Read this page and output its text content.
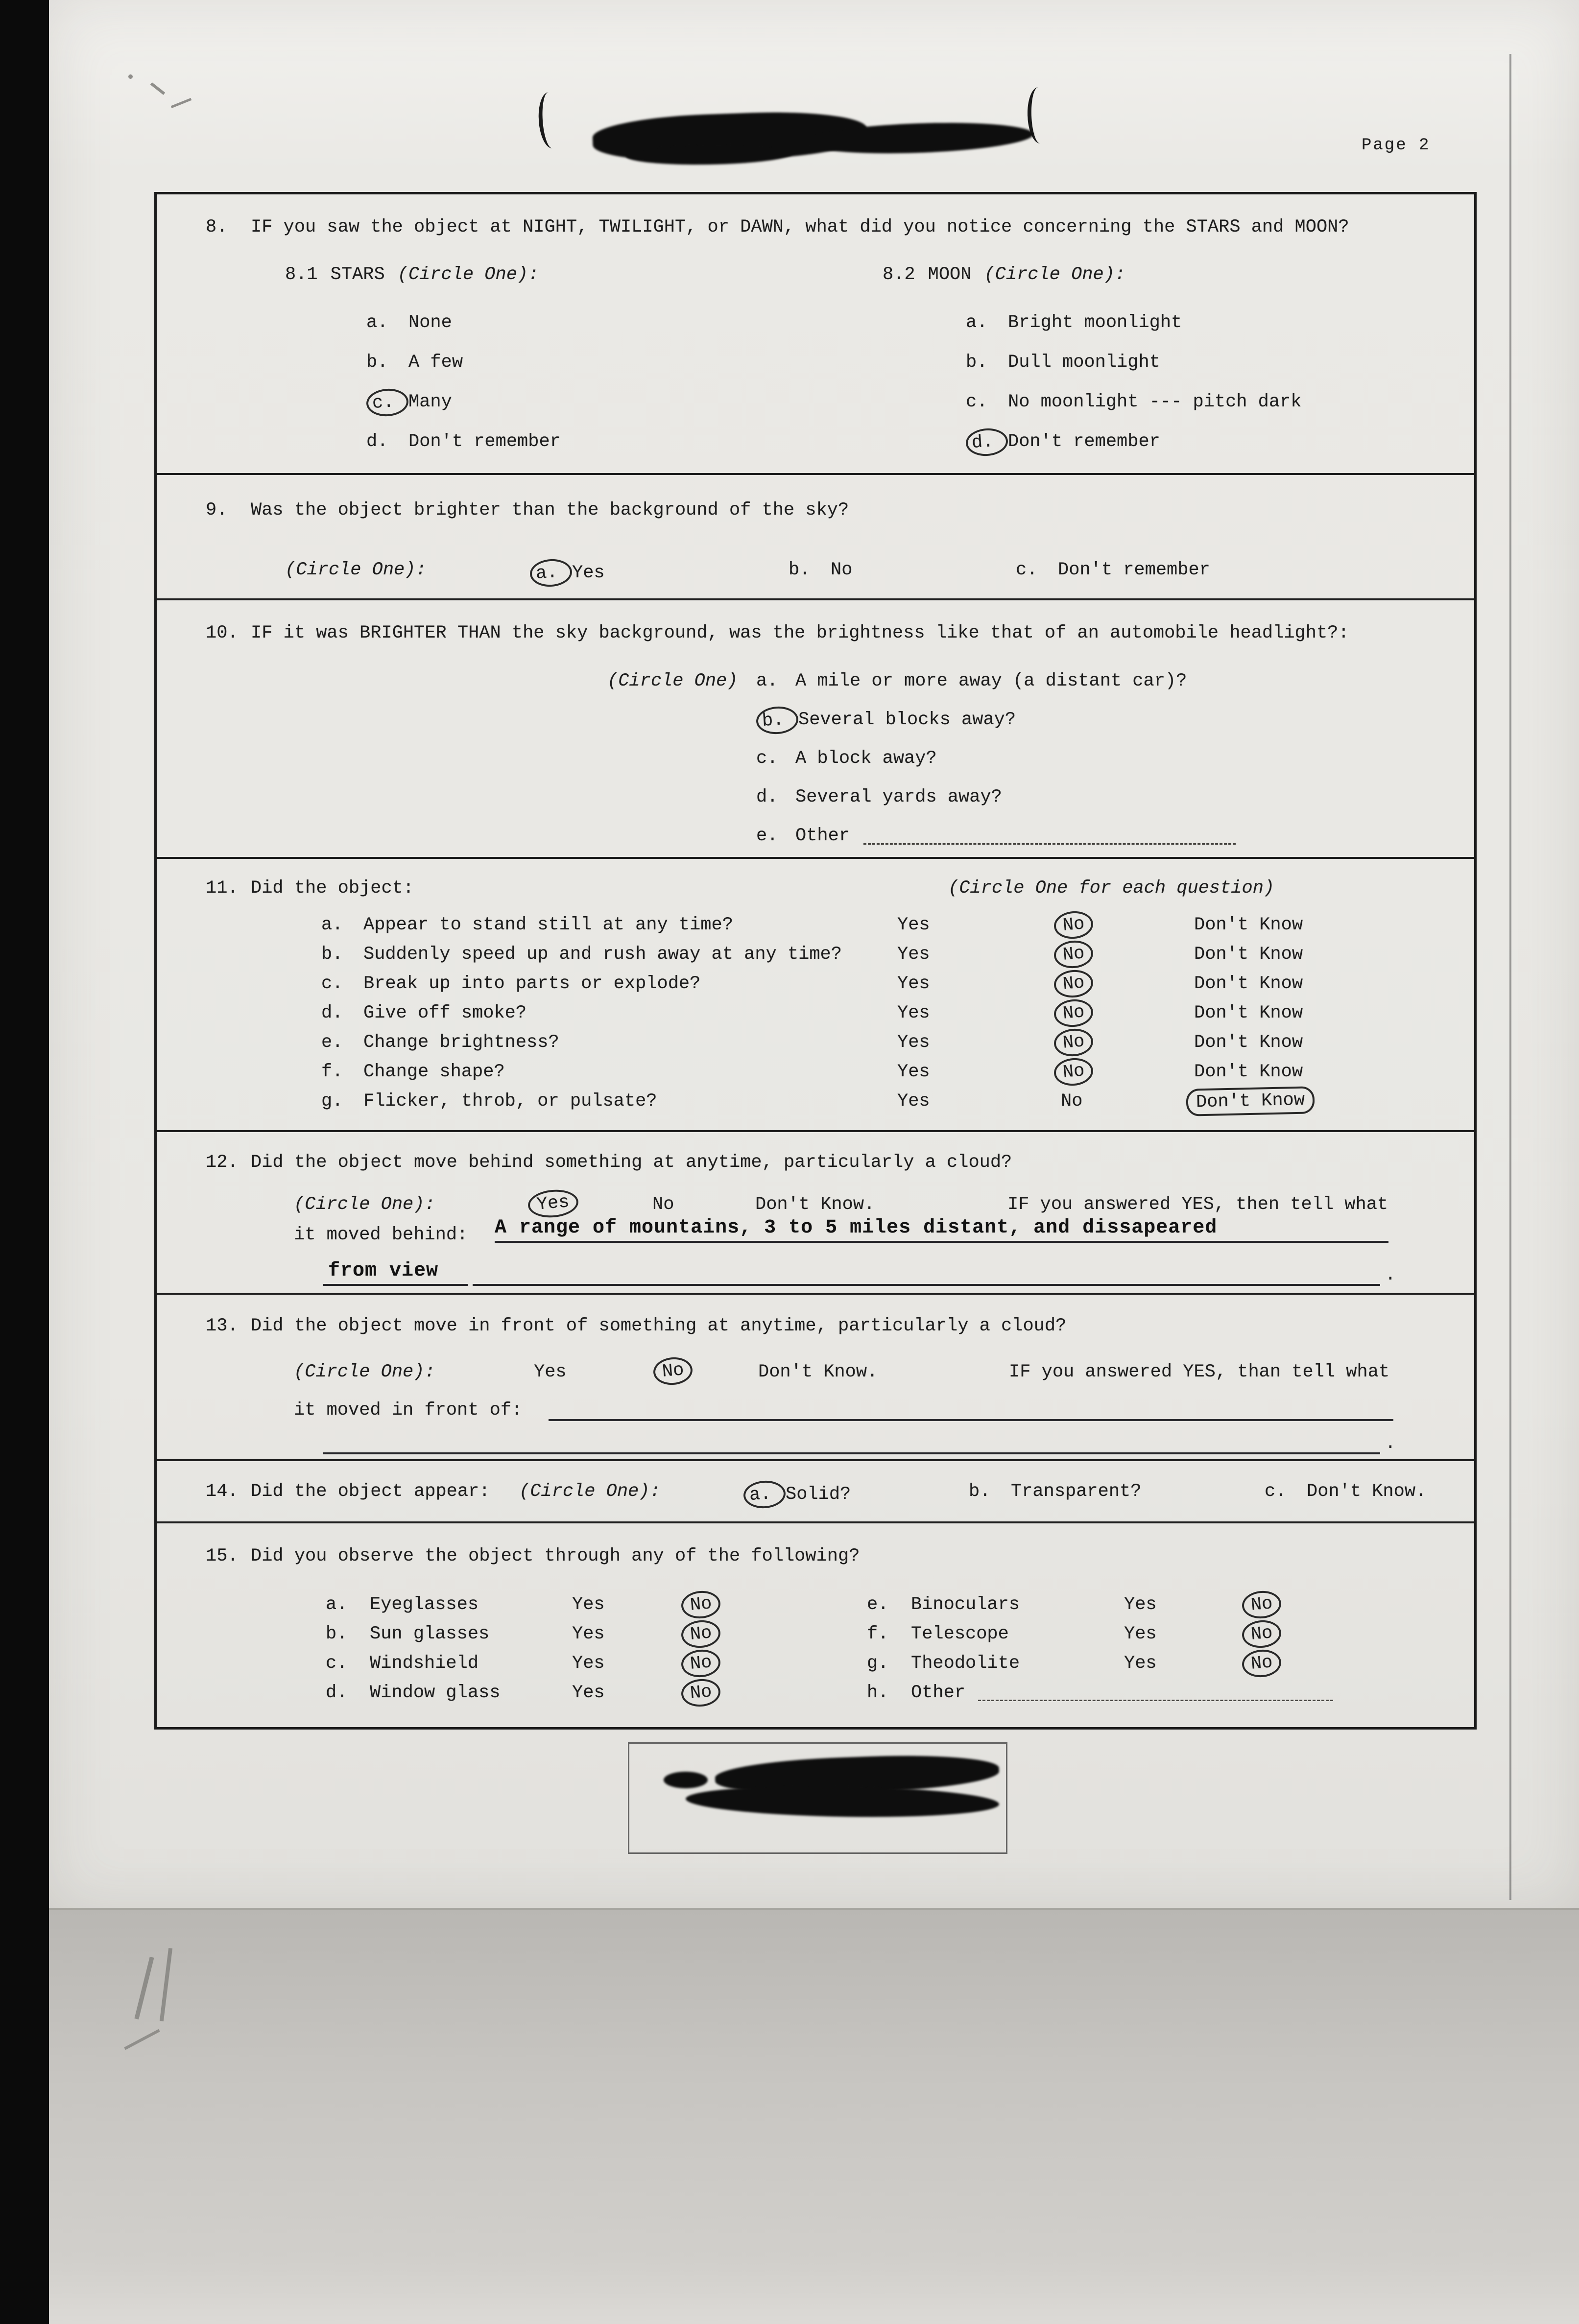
Page 2
8.	IF you saw the object at NIGHT, TWILIGHT, or DAWN, what did you notice concerning the STARS and MOON?
8.1 STARS (Circle One):	8.2 MOON (Circle One):
a.	None
b.	A few
c. Many
d.	Don't remember
a.	Bright moonlight
b.	Dull moonlight
c.	No moonlight --- pitch dark
d. Don't remember
9.	Was the object brighter than the background of the sky?
(Circle One):	a. Yes	b.	No	c.	Don't remember
10. IF it was BRIGHTER THAN the sky background, was the brightness like that of an automobile headlight?:
(Circle One)	a. A mile or more away (a distant car)?
b. Several blocks away?
c. A block away?
d. Several yards away?
e. Other
11. Did the object:	(Circle One for each question)
a.	Appear to stand still at any time?	Yes	No	Don't Know
b.	Suddenly speed up and rush away at any time?	Yes	No	Don't Know
c.	Break up into parts or explode?	Yes	No	Don't Know
d.	Give off smoke?	Yes	No	Don't Know
e.	Change brightness?	Yes	No	Don't Know
f.	Change shape?	Yes	No	Don't Know
g.	Flicker, throb, or pulsate?	Yes	No	Don't Know
12. Did the object move behind something at anytime, particularly a cloud?
(Circle One):	Yes	No	Don't Know.	IF you answered YES, then tell what
it moved behind: A range of mountains, 3 to 5 miles distant, and dissapeared
from view	.
13. Did the object move in front of something at anytime, particularly a cloud?
(Circle One):	Yes	No	Don't Know.	IF you answered YES, than tell what
it moved in front of:
.
14. Did the object appear: (Circle One):	a. Solid?	b.	Transparent?	c.	Don't Know.
15. Did you observe the object through any of the following?
a.	Eyeglasses	Yes	No
b.	Sun glasses	Yes	No
c.	Windshield	Yes	No
d.	Window glass	Yes	No
e.	Binoculars	Yes	No
f.	Telescope	Yes	No
g.	Theodolite	Yes	No
h.	Other
